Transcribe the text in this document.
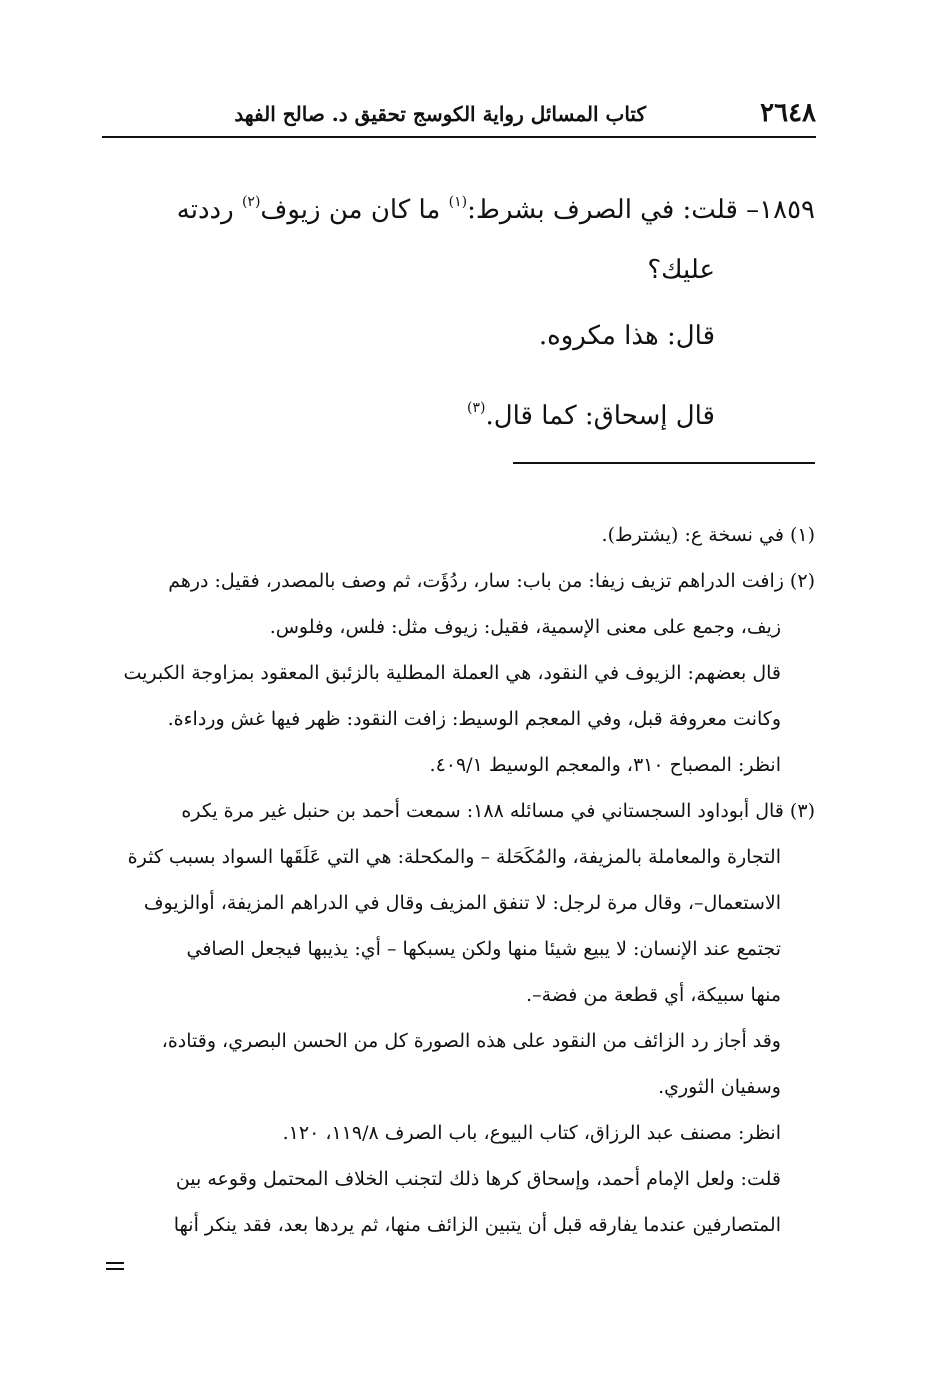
٢٦٤٨
كتاب المسائل رواية الكوسج تحقيق د. صالح الفهد

١٨٥٩– قلت: في الصرف بشرط:$^{(١)}$ ما كان من زيوف$^{(٢)}$ رددته

عليك؟

قال: هذا مكروه.

قال إسحاق: كما قال.$^{(٣)}$

(١) في نسخة ع: (يشترط).

(٢) زافت الدراهم تزيف زيفا: من باب: سار، ردُؤَت، ثم وصف بالمصدر، فقيل: درهم

زيف، وجمع على معنى الإسمية، فقيل: زيوف مثل: فلس، وفلوس.

قال بعضهم: الزيوف في النقود، هي العملة المطلية بالزئبق المعقود بمزاوجة الكبريت

وكانت معروفة قبل، وفي المعجم الوسيط: زافت النقود: ظهر فيها غش ورداءة.

انظر: المصباح ٣١٠، والمعجم الوسيط ٤٠٩/١.

(٣) قال أبوداود السجستاني في مسائله ١٨٨: سمعت أحمد بن حنبل غير مرة يكره

التجارة والمعاملة بالمزيفة، والمُكَحَلة – والمكحلة: هي التي عَلَقَها السواد بسبب كثرة

الاستعمال–، وقال مرة لرجل: لا تنفق المزيف وقال في الدراهم المزيفة، أوالزيوف

تجتمع عند الإنسان: لا يبيع شيئا منها ولكن يسبكها – أي: يذيبها فيجعل الصافي

منها سبيكة، أي قطعة من فضة–.

وقد أجاز رد الزائف من النقود على هذه الصورة كل من الحسن البصري، وقتادة،

وسفيان الثوري.

انظر: مصنف عبد الرزاق، كتاب البيوع، باب الصرف ١١٩/٨، ١٢٠.

قلت: ولعل الإمام أحمد، وإسحاق كرها ذلك لتجنب الخلاف المحتمل وقوعه بين

المتصارفين عندما يفارقه قبل أن يتبين الزائف منها، ثم يردها بعد، فقد ينكر أنها
